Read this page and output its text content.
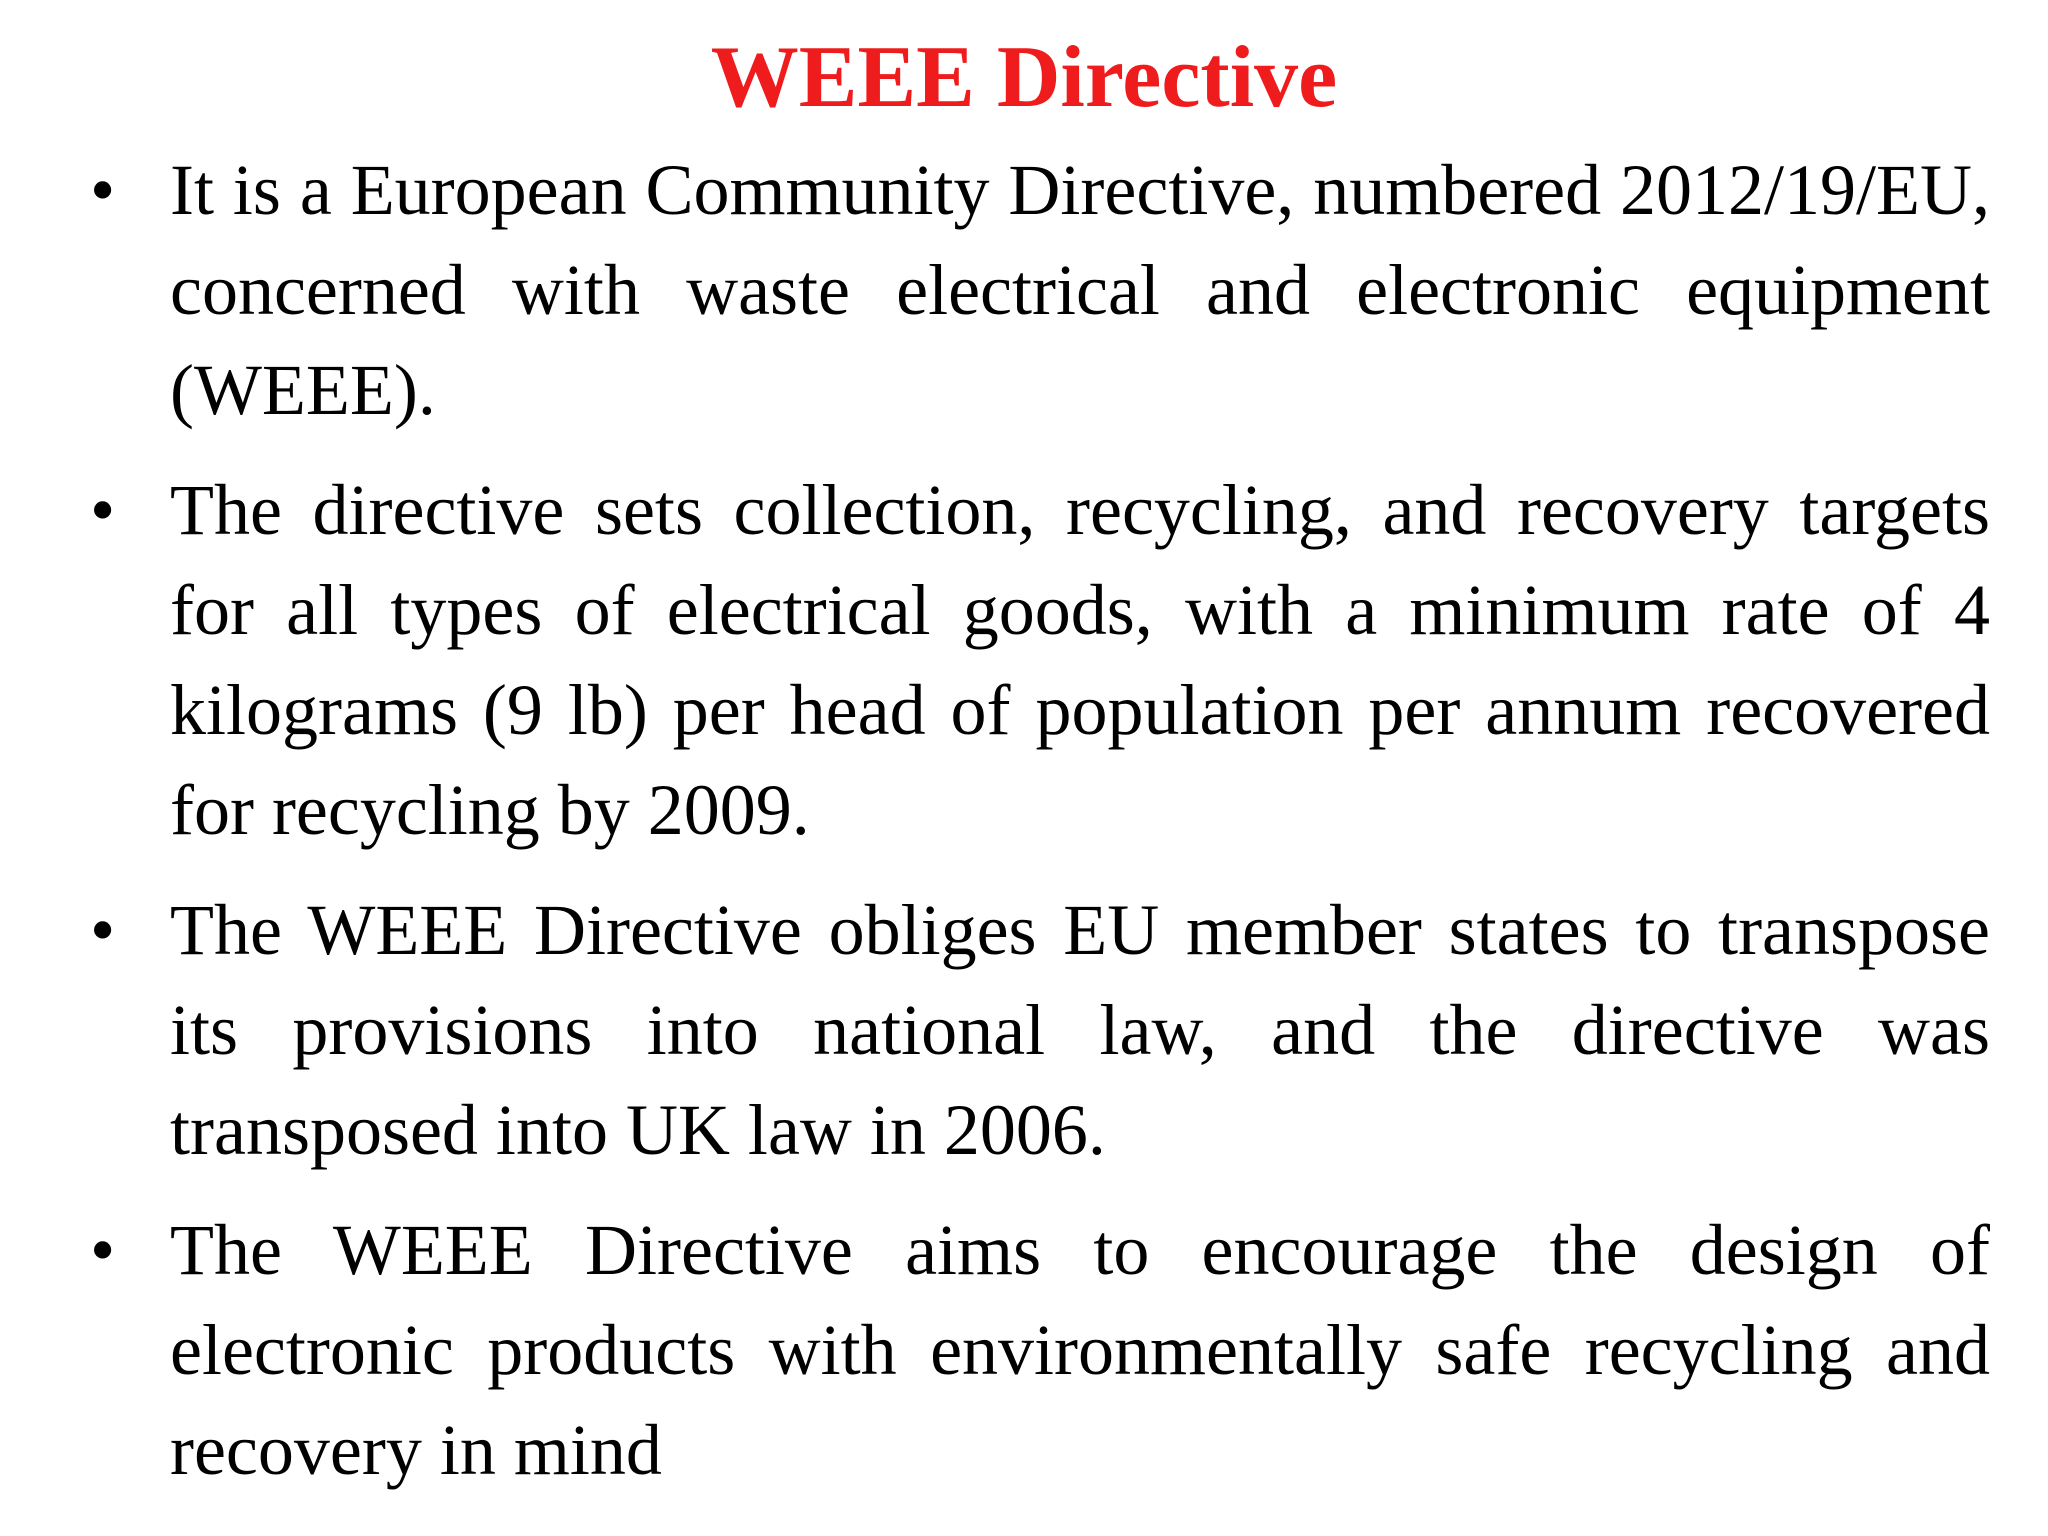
WEEE Directive
• It is a European Community Directive, numbered 2012/19/EU, concerned with waste electrical and electronic equipment (WEEE).
• The directive sets collection, recycling, and recovery targets for all types of electrical goods, with a minimum rate of 4 kilograms (9 lb) per head of population per annum recovered for recycling by 2009.
• The WEEE Directive obliges EU member states to transpose its provisions into national law, and the directive was transposed into UK law in 2006.
• The WEEE Directive aims to encourage the design of electronic products with environmentally safe recycling and recovery in mind
